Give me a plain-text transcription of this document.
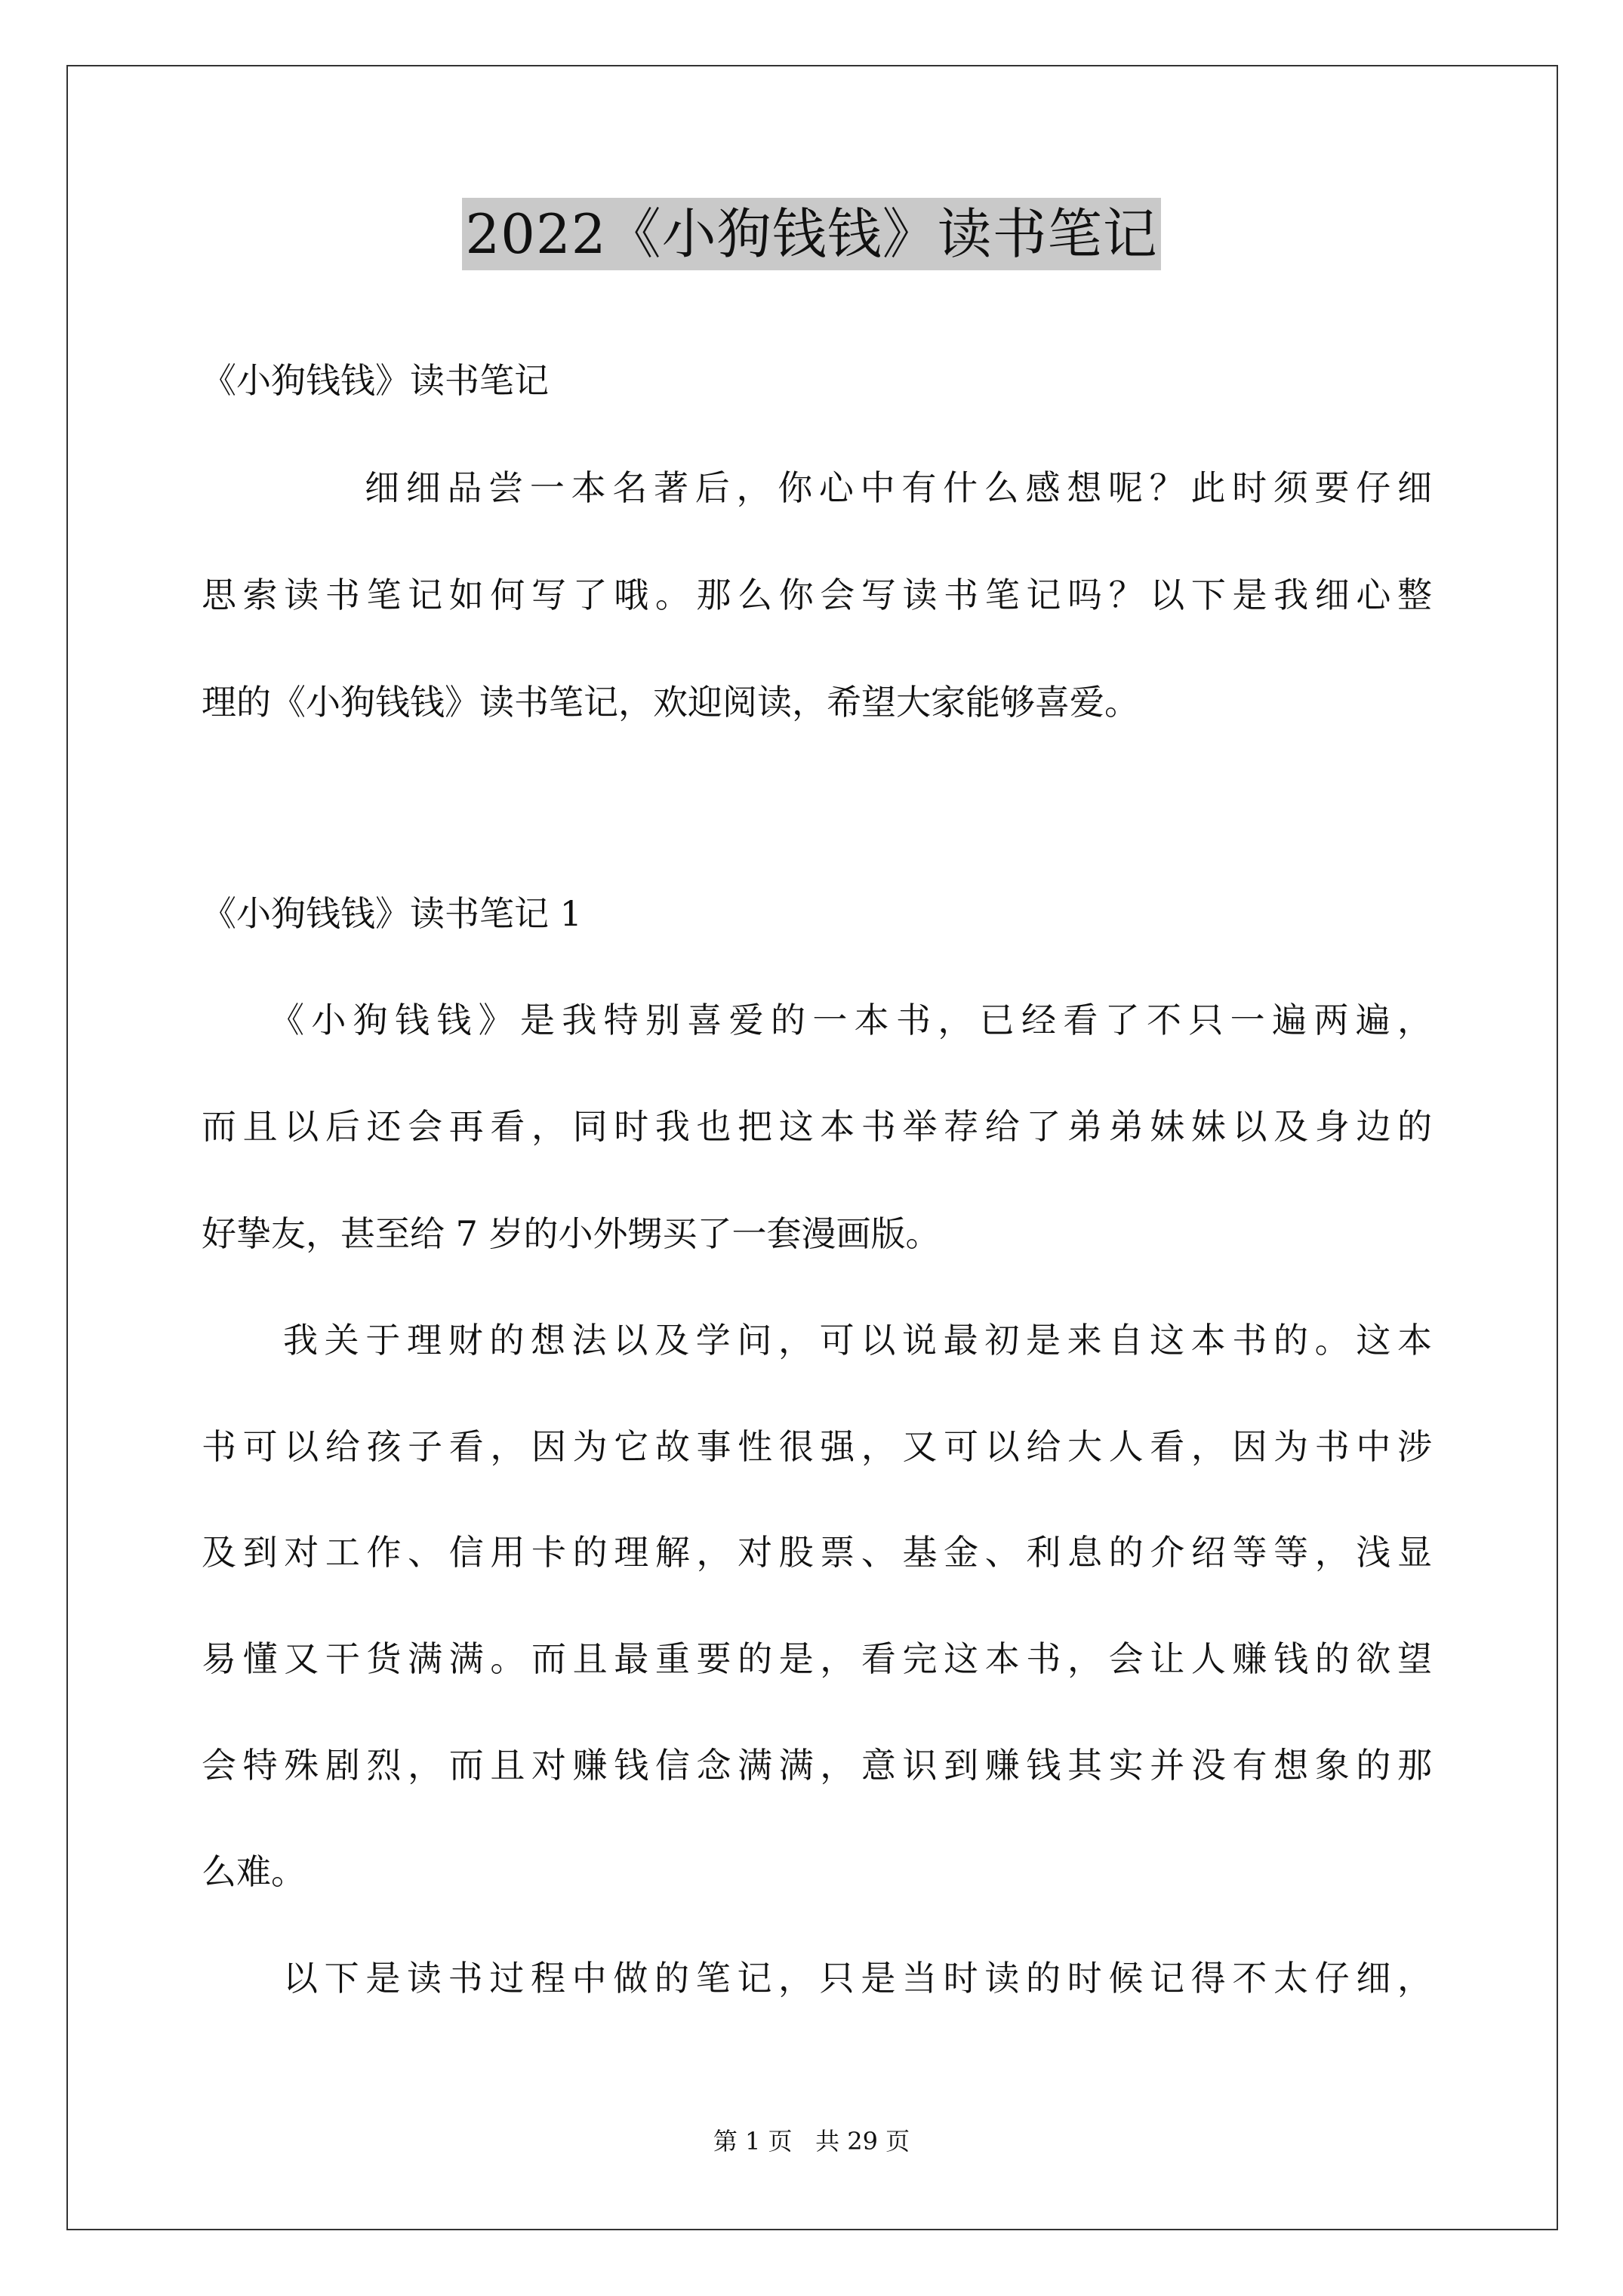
2022《小狗钱钱》读书笔记
《小狗钱钱》读书笔记
细细品尝一本名著后，你心中有什么感想呢？此时须要仔细
思索读书笔记如何写了哦。那么你会写读书笔记吗？以下是我细心整
理的《小狗钱钱》读书笔记，欢迎阅读，希望大家能够喜爱。
《小狗钱钱》读书笔记 1
《小狗钱钱》是我特别喜爱的一本书，已经看了不只一遍两遍，
而且以后还会再看，同时我也把这本书举荐给了弟弟妹妹以及身边的
好挚友，甚至给 7 岁的小外甥买了一套漫画版。
我关于理财的想法以及学问，可以说最初是来自这本书的。这本
书可以给孩子看，因为它故事性很强，又可以给大人看，因为书中涉
及到对工作、信用卡的理解，对股票、基金、利息的介绍等等，浅显
易懂又干货满满。而且最重要的是，看完这本书，会让人赚钱的欲望
会特殊剧烈，而且对赚钱信念满满，意识到赚钱其实并没有想象的那
么难。
以下是读书过程中做的笔记，只是当时读的时候记得不太仔细，
第 1 页   共 29 页
